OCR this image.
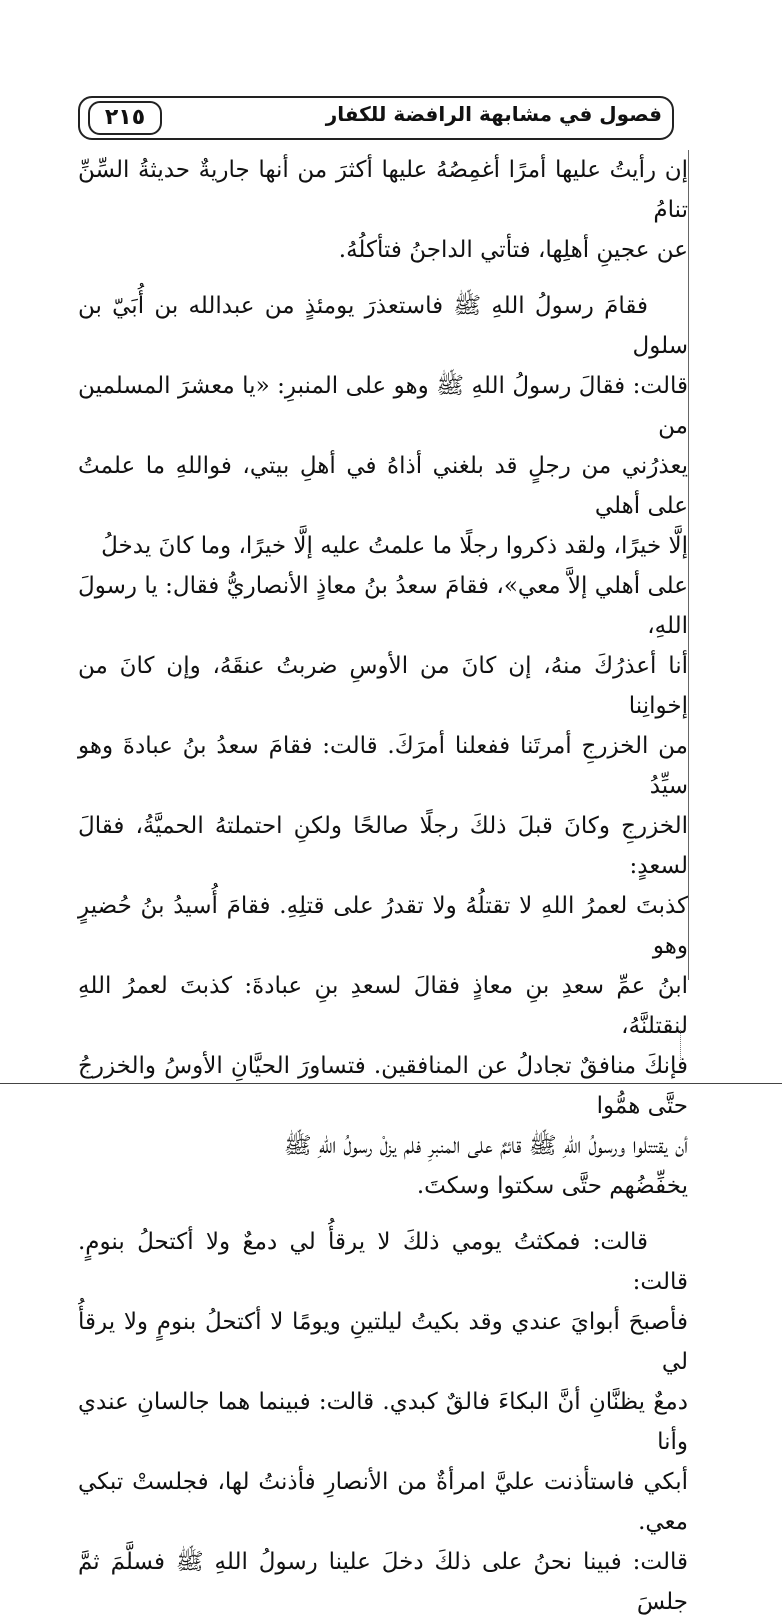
فصول في مشابهة الرافضة للكفار
٢١٥

إن رأيتُ عليها أمرًا أغمِصُهُ عليها أكثرَ من أنها جاريةٌ حديثةُ السِّنِّ تنامُ
عن عجينِ أهلِها، فتأتي الداجنُ فتأكلُهُ.

فقامَ رسولُ اللهِ ﷺ فاستعذرَ يومئذٍ من عبدالله بن أُبَيّ بن سلول
قالت: فقالَ رسولُ اللهِ ﷺ وهو على المنبرِ: «يا معشرَ المسلمين من
يعذرُني من رجلٍ قد بلغني أذاهُ في أهلِ بيتي، فواللهِ ما علمتُ على أهلي
إلَّا خيرًا، ولقد ذكروا رجلًا ما علمتُ عليه إلَّا خيرًا، وما كانَ يدخلُ
على أهلي إلاَّ معي»، فقامَ سعدُ بنُ معاذٍ الأنصاريُّ فقال: يا رسولَ اللهِ،
أنا أعذرُكَ منهُ، إن كانَ من الأوسِ ضربتُ عنقَهُ، وإن كانَ من إخوانِنا
من الخزرجِ أمرتَنا ففعلنا أمرَكَ. قالت: فقامَ سعدُ بنُ عبادةَ وهو سيِّدُ
الخزرجِ وكانَ قبلَ ذلكَ رجلًا صالحًا ولكنِ احتملتهُ الحميَّةُ، فقالَ لسعدٍ:
كذبتَ لعمرُ اللهِ لا تقتلُهُ ولا تقدرُ على قتلِهِ. فقامَ أُسيدُ بنُ حُضيرٍ وهو
ابنُ عمِّ سعدِ بنِ معاذٍ فقالَ لسعدِ بنِ عبادةَ: كذبتَ لعمرُ اللهِ لنقتلنَّهُ،
فإنكَ منافقٌ تجادلُ عن المنافقين. فتساورَ الحيَّانِ الأوسُ والخزرجُ حتَّى همُّوا
أن يقتتلوا ورسولُ اللهِ ﷺ قائمٌ على المنبرِ فلم يزلْ رسولُ اللهِ ﷺ
يخفِّضُهم حتَّى سكتوا وسكتَ.

قالت: فمكثتُ يومي ذلكَ لا يرقأُ لي دمعٌ ولا أكتحلُ بنومٍ. قالت:
فأصبحَ أبوايَ عندي وقد بكيتُ ليلتينِ ويومًا لا أكتحلُ بنومٍ ولا يرقأُ لي
دمعٌ يظنَّانِ أنَّ البكاءَ فالقٌ كبدي. قالت: فبينما هما جالسانِ عندي وأنا
أبكي فاستأذنت عليَّ امرأةٌ من الأنصارِ فأذنتُ لها، فجلستْ تبكي معي.
قالت: فبينا نحنُ على ذلكَ دخلَ علينا رسولُ اللهِ ﷺ فسلَّمَ ثمَّ جلسَ
